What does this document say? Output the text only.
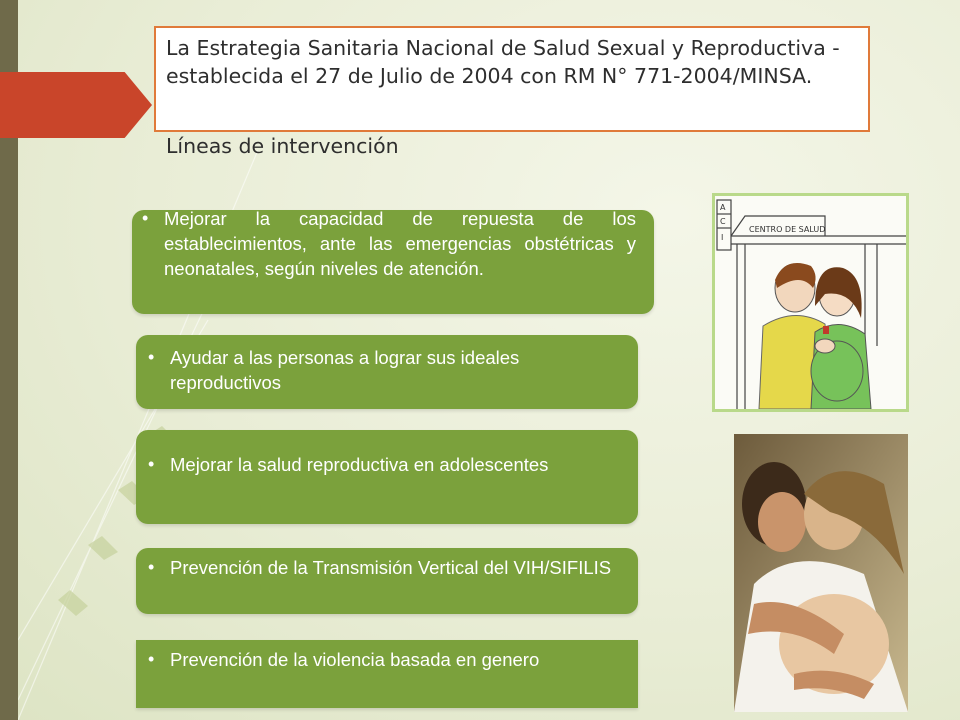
La Estrategia Sanitaria Nacional de Salud Sexual y Reproductiva - establecida el 27 de Julio de 2004 con RM N° 771-2004/MINSA.

Líneas de intervención

• Mejorar la capacidad de repuesta de los establecimientos, ante las emergencias obstétricas y neonatales, según niveles de atención.
• Ayudar a las personas a lograr sus ideales reproductivos
• Mejorar la salud reproductiva en adolescentes
• Prevención de la Transmisión Vertical del VIH/SIFILIS
• Prevención de la violencia basada en genero
CENTRO DE SALUD
A
C
I
